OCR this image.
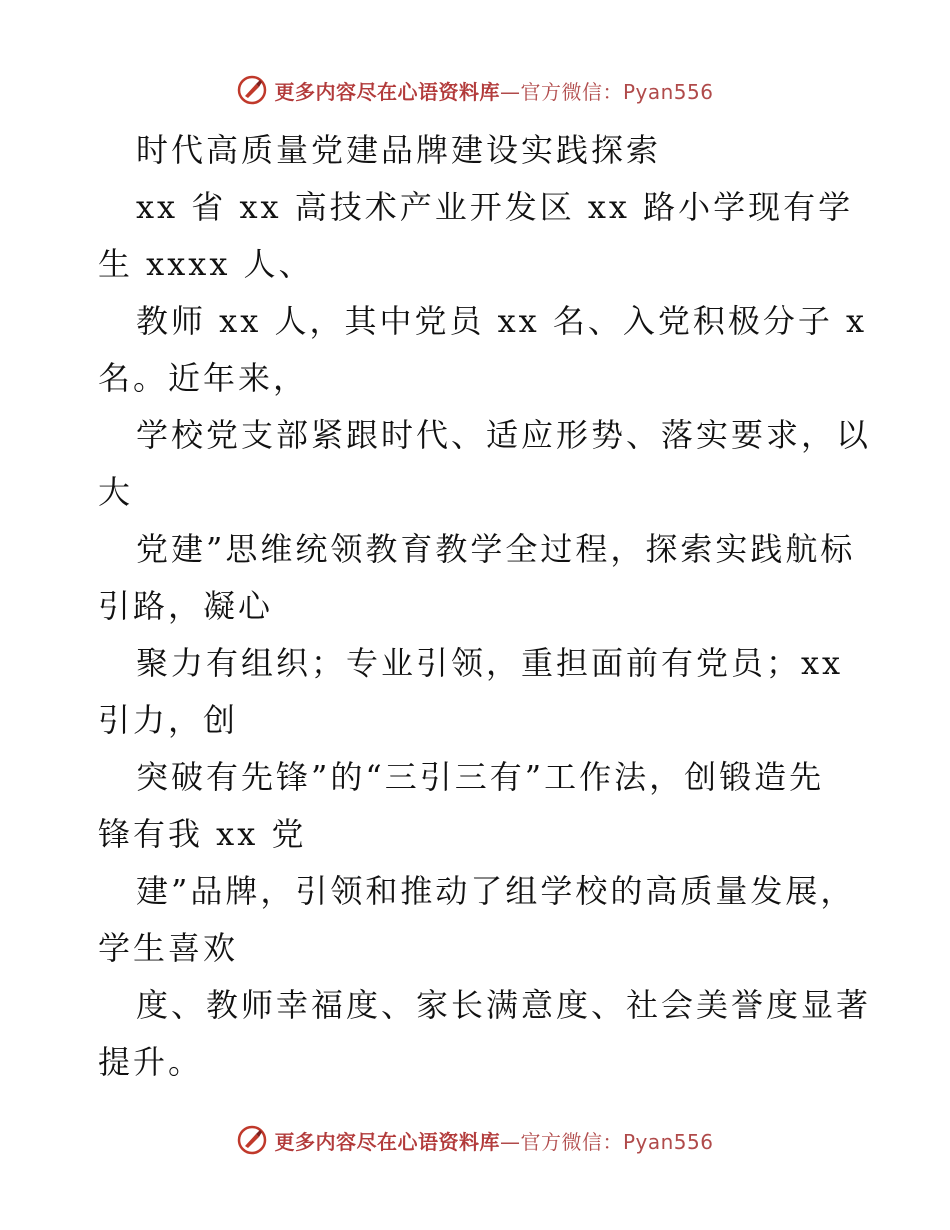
更多内容尽在心语资料库—官方微信：Pyan556
时代高质量党建品牌建设实践探索
xx 省 xx 高技术产业开发区 xx 路小学现有学
生 xxxx 人、
教师 xx 人，其中党员 xx 名、入党积极分子 x
名。近年来，
学校党支部紧跟时代、适应形势、落实要求，以
大
党建”思维统领教育教学全过程，探索实践航标
引路，凝心
聚力有组织；专业引领，重担面前有党员；xx
引力，创
突破有先锋”的“三引三有”工作法，创锻造先
锋有我 xx 党
建”品牌，引领和推动了组学校的高质量发展，
学生喜欢
度、教师幸福度、家长满意度、社会美誉度显著
提升。
更多内容尽在心语资料库—官方微信：Pyan556
